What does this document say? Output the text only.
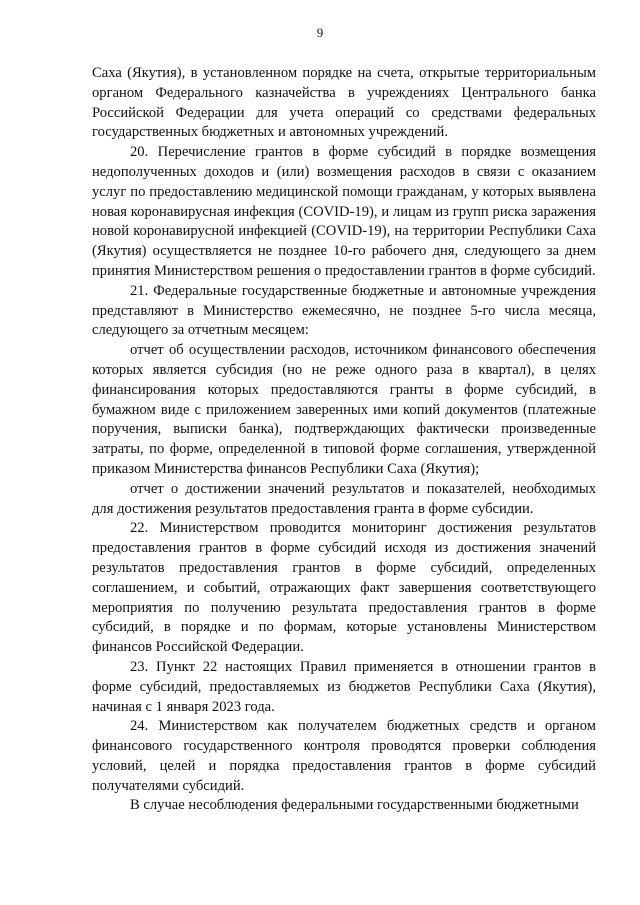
9

Саха (Якутия), в установленном порядке на счета, открытые территориальным органом Федерального казначейства в учреждениях Центрального банка Российской Федерации для учета операций со средствами федеральных государственных бюджетных и автономных учреждений.

20. Перечисление грантов в форме субсидий в порядке возмещения недополученных доходов и (или) возмещения расходов в связи с оказанием услуг по предоставлению медицинской помощи гражданам, у которых выявлена новая коронавирусная инфекция (COVID-19), и лицам из групп риска заражения новой коронавирусной инфекцией (COVID-19), на территории Республики Саха (Якутия) осуществляется не позднее 10-го рабочего дня, следующего за днем принятия Министерством решения о предоставлении грантов в форме субсидий.

21. Федеральные государственные бюджетные и автономные учреждения представляют в Министерство ежемесячно, не позднее 5-го числа месяца, следующего за отчетным месяцем:

отчет об осуществлении расходов, источником финансового обеспечения которых является субсидия (но не реже одного раза в квартал), в целях финансирования которых предоставляются гранты в форме субсидий, в бумажном виде с приложением заверенных ими копий документов (платежные поручения, выписки банка), подтверждающих фактически произведенные затраты, по форме, определенной в типовой форме соглашения, утвержденной приказом Министерства финансов Республики Саха (Якутия);

отчет о достижении значений результатов и показателей, необходимых для достижения результатов предоставления гранта в форме субсидии.

22. Министерством проводится мониторинг достижения результатов предоставления грантов в форме субсидий исходя из достижения значений результатов предоставления грантов в форме субсидий, определенных соглашением, и событий, отражающих факт завершения соответствующего мероприятия по получению результата предоставления грантов в форме субсидий, в порядке и по формам, которые установлены Министерством финансов Российской Федерации.

23. Пункт 22 настоящих Правил применяется в отношении грантов в форме субсидий, предоставляемых из бюджетов Республики Саха (Якутия), начиная с 1 января 2023 года.

24. Министерством как получателем бюджетных средств и органом финансового государственного контроля проводятся проверки соблюдения условий, целей и порядка предоставления грантов в форме субсидий получателями субсидий.

В случае несоблюдения федеральными государственными бюджетными
